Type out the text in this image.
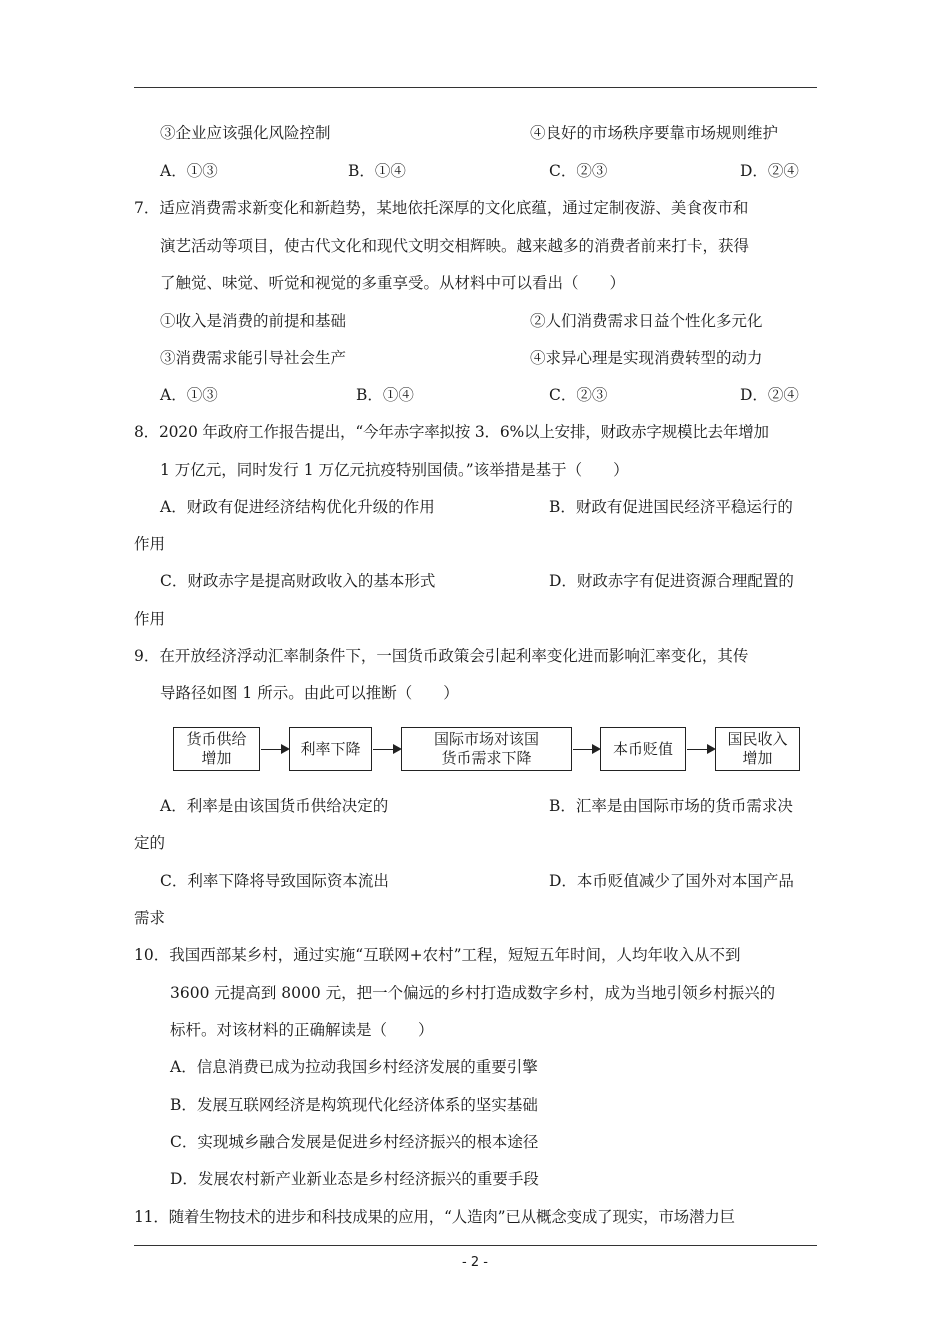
③企业应该强化风险控制	④良好的市场秩序要靠市场规则维护
A．①③	B．①④	C．②③	D．②④
7．适应消费需求新变化和新趋势，某地依托深厚的文化底蕴，通过定制夜游、美食夜市和
演艺活动等项目，使古代文化和现代文明交相辉映。越来越多的消费者前来打卡，获得
了触觉、味觉、听觉和视觉的多重享受。从材料中可以看出（　　）
①收入是消费的前提和基础	②人们消费需求日益个性化多元化
③消费需求能引导社会生产	④求异心理是实现消费转型的动力
A．①③	B．①④	C．②③	D．②④
8．2020 年政府工作报告提出，“今年赤字率拟按 3．6%以上安排，财政赤字规模比去年增加
1 万亿元，同时发行 1 万亿元抗疫特别国债。”该举措是基于（　　）
A．财政有促进经济结构优化升级的作用	B．财政有促进国民经济平稳运行的
作用
C．财政赤字是提高财政收入的基本形式	D．财政赤字有促进资源合理配置的
作用
9．在开放经济浮动汇率制条件下，一国货币政策会引起利率变化进而影响汇率变化，其传
导路径如图 1 所示。由此可以推断（　　）
货币供给
增加
利率下降
国际市场对该国
货币需求下降
本币贬值
国民收入
增加
A．利率是由该国货币供给决定的	B．汇率是由国际市场的货币需求决
定的
C．利率下降将导致国际资本流出	D．本币贬值减少了国外对本国产品
需求
10．我国西部某乡村，通过实施“互联网+农村”工程，短短五年时间，人均年收入从不到
3600 元提高到 8000 元，把一个偏远的乡村打造成数字乡村，成为当地引领乡村振兴的
标杆。对该材料的正确解读是（　　）
A．信息消费已成为拉动我国乡村经济发展的重要引擎
B．发展互联网经济是构筑现代化经济体系的坚实基础
C．实现城乡融合发展是促进乡村经济振兴的根本途径
D．发展农村新产业新业态是乡村经济振兴的重要手段
11．随着生物技术的进步和科技成果的应用，“人造肉”已从概念变成了现实，市场潜力巨
- 2 -
